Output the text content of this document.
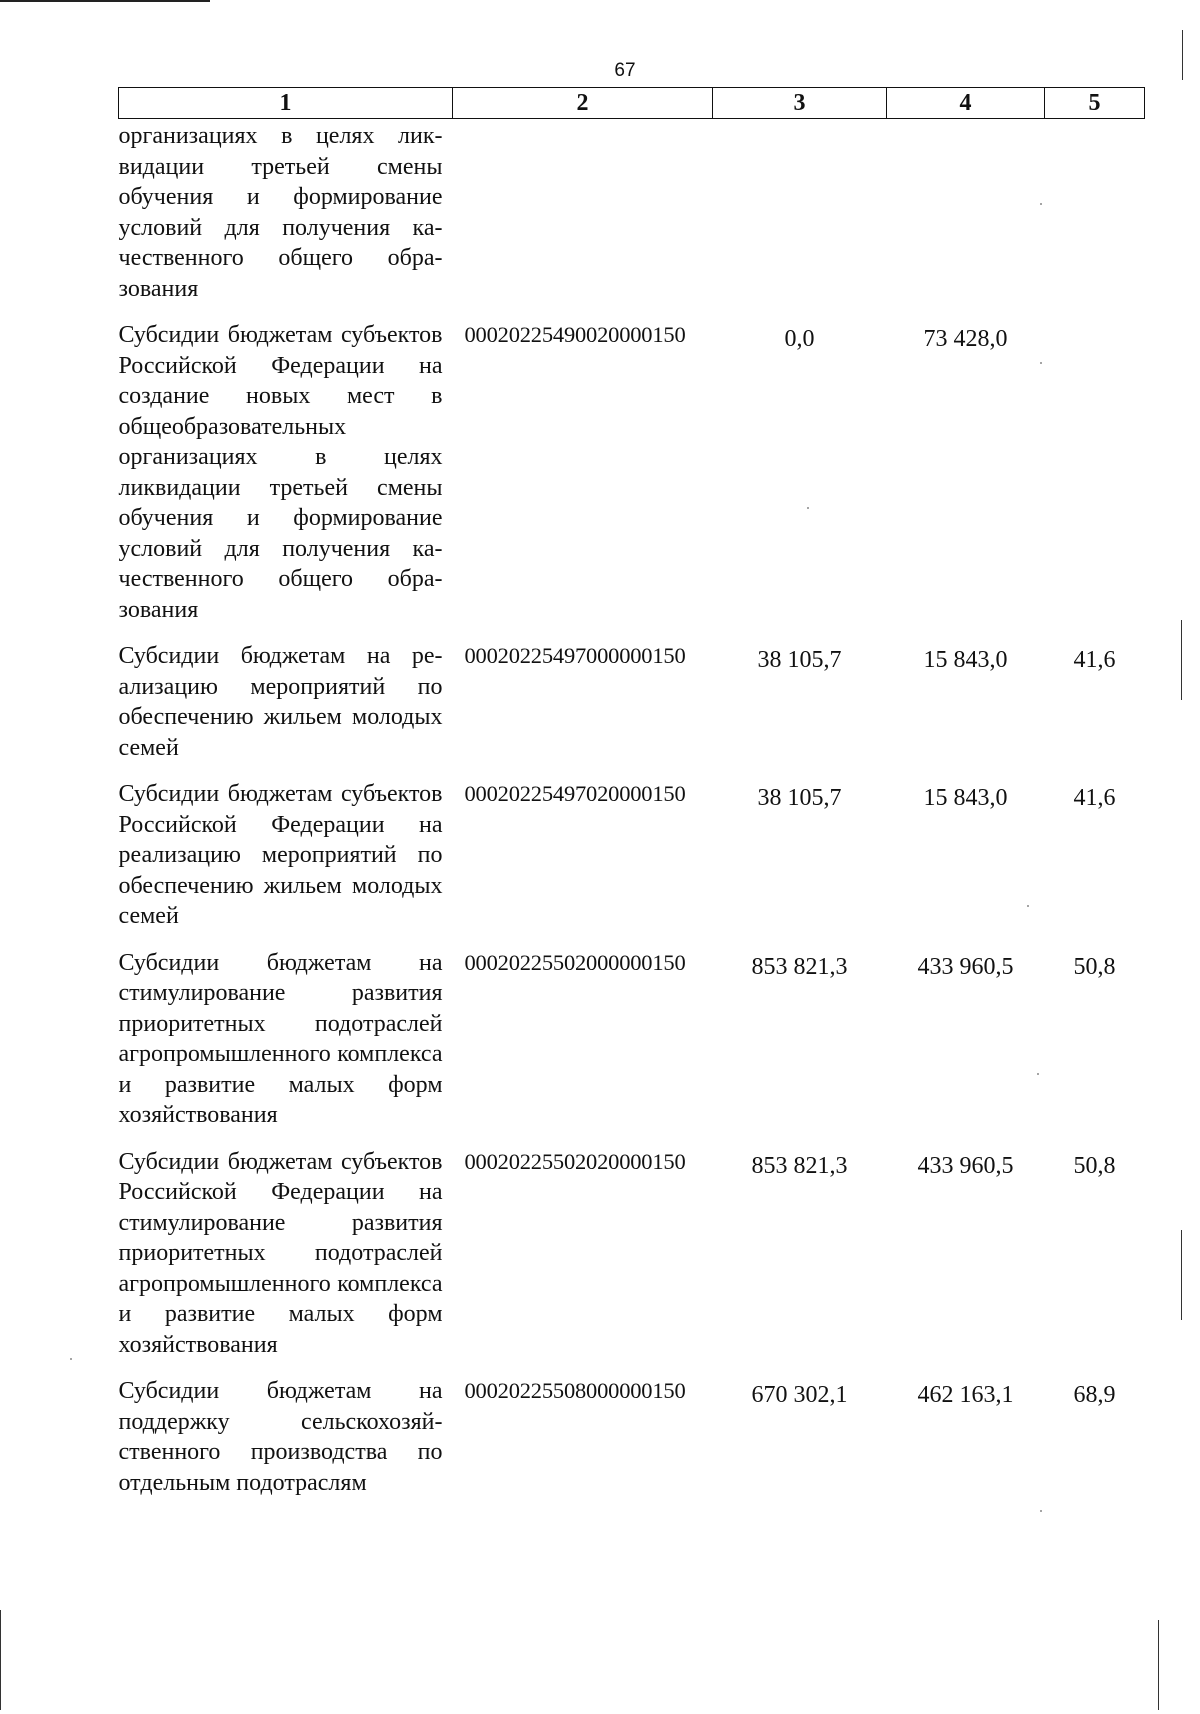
67
1	2	3	4	5
организациях в целях ликвидации третьей смены обучения и формирование условий для получения качественного общего образования				
Субсидии бюджетам субъектов Российской Федерации на создание новых мест в общеобразовательных организациях в целях ликвидации третьей смены обучения и формирование условий для получения качественного общего образования	00020225490020000150	0,0	73 428,0	
Субсидии бюджетам на реализацию мероприятий по обеспечению жильем молодых семей	00020225497000000150	38 105,7	15 843,0	41,6
Субсидии бюджетам субъектов Российской Федерации на реализацию мероприятий по обеспечению жильем молодых семей	00020225497020000150	38 105,7	15 843,0	41,6
Субсидии бюджетам на стимулирование развития приоритетных подотраслей агропромышленного комплекса и развитие малых форм хозяйствования	00020225502000000150	853 821,3	433 960,5	50,8
Субсидии бюджетам субъектов Российской Федерации на стимулирование развития приоритетных подотраслей агропромышленного комплекса и развитие малых форм хозяйствования	00020225502020000150	853 821,3	433 960,5	50,8
Субсидии бюджетам на поддержку сельскохозяйственного производства по отдельным подотраслям	00020225508000000150	670 302,1	462 163,1	68,9
